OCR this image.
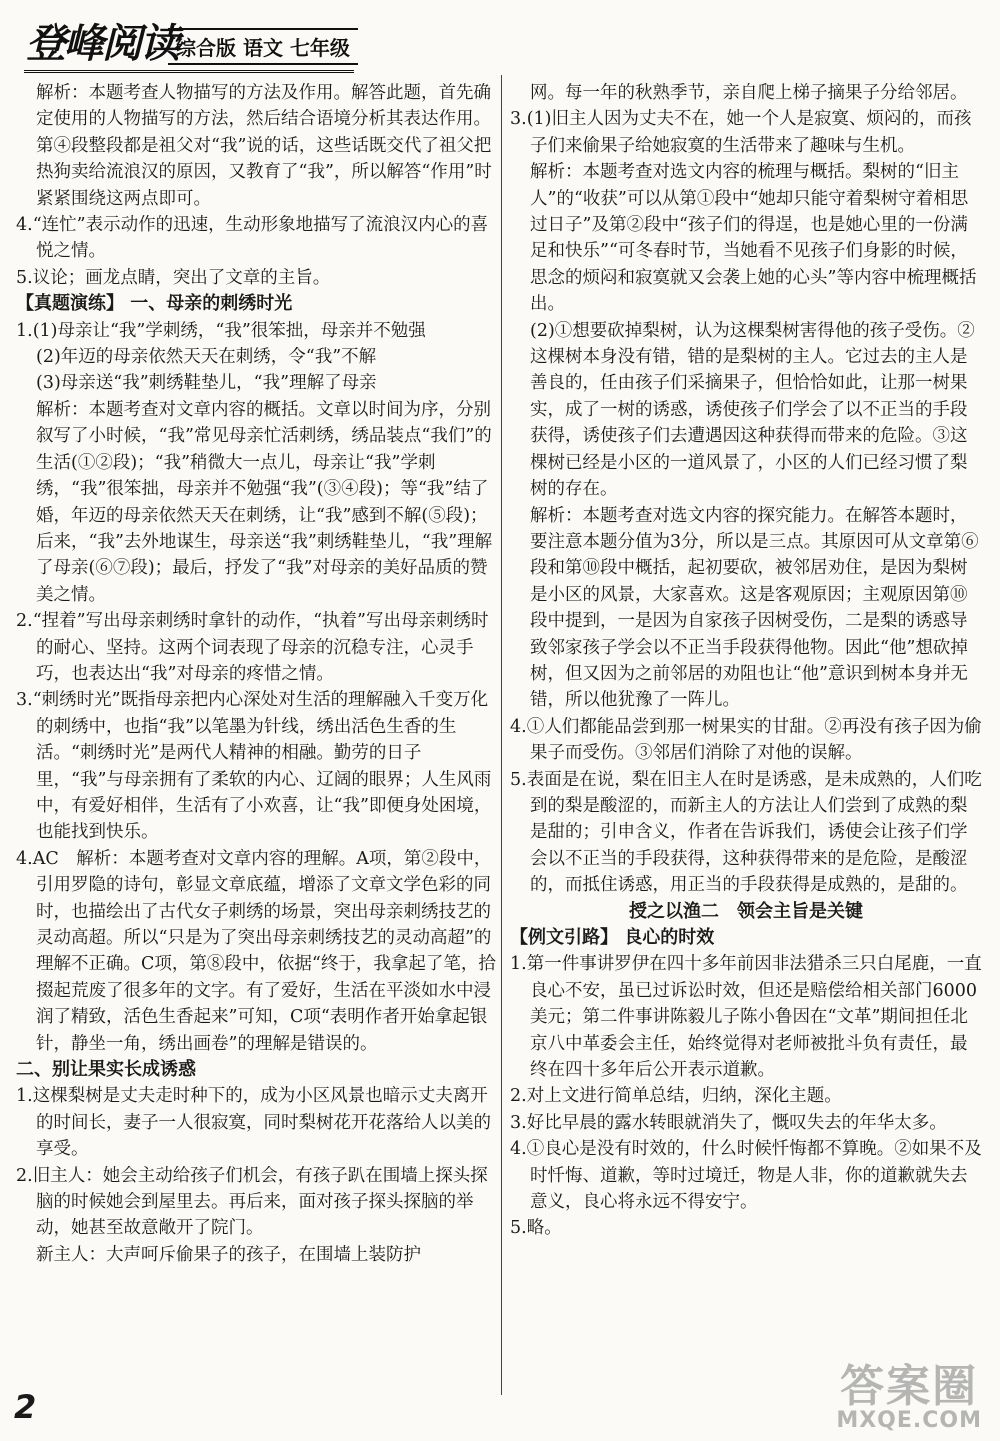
登峰阅读
综合版 语文 七年级
解析：本题考查人物描写的方法及作用。解答此题，首先确定使用的人物描写的方法，然后结合语境分析其表达作用。第④段整段都是祖父对“我”说的话，这些话既交代了祖父把热狗卖给流浪汉的原因，又教育了“我”，所以解答“作用”时紧紧围绕这两点即可。
4.“连忙”表示动作的迅速，生动形象地描写了流浪汉内心的喜悦之情。
5.议论；画龙点睛，突出了文章的主旨。
【真题演练】 一、母亲的刺绣时光
1.(1)母亲让“我”学刺绣，“我”很笨拙，母亲并不勉强
(2)年迈的母亲依然天天在刺绣，令“我”不解
(3)母亲送“我”刺绣鞋垫儿，“我”理解了母亲
解析：本题考查对文章内容的概括。文章以时间为序，分别叙写了小时候，“我”常见母亲忙活刺绣，绣品装点“我们”的生活(①②段)；“我”稍微大一点儿，母亲让“我”学刺绣，“我”很笨拙，母亲并不勉强“我”(③④段)；等“我”结了婚，年迈的母亲依然天天在刺绣，让“我”感到不解(⑤段)；后来，“我”去外地谋生，母亲送“我”刺绣鞋垫儿，“我”理解了母亲(⑥⑦段)；最后，抒发了“我”对母亲的美好品质的赞美之情。
2.“捏着”写出母亲刺绣时拿针的动作，“执着”写出母亲刺绣时的耐心、坚持。这两个词表现了母亲的沉稳专注，心灵手巧，也表达出“我”对母亲的疼惜之情。
3.“刺绣时光”既指母亲把内心深处对生活的理解融入千变万化的刺绣中，也指“我”以笔墨为针线，绣出活色生香的生活。“刺绣时光”是两代人精神的相融。勤劳的日子里，“我”与母亲拥有了柔软的内心、辽阔的眼界；人生风雨中，有爱好相伴，生活有了小欢喜，让“我”即便身处困境，也能找到快乐。
4.AC　解析：本题考查对文章内容的理解。A项，第②段中，引用罗隐的诗句，彰显文章底蕴，增添了文章文学色彩的同时，也描绘出了古代女子刺绣的场景，突出母亲刺绣技艺的灵动高超。所以“只是为了突出母亲刺绣技艺的灵动高超”的理解不正确。C项，第⑧段中，依据“终于，我拿起了笔，拾掇起荒废了很多年的文字。有了爱好，生活在平淡如水中浸润了精致，活色生香起来”可知，C项“表明作者开始拿起银针，静坐一角，绣出画卷”的理解是错误的。
二、别让果实长成诱惑
1.这棵梨树是丈夫走时种下的，成为小区风景也暗示丈夫离开的时间长，妻子一人很寂寞，同时梨树花开花落给人以美的享受。
2.旧主人：她会主动给孩子们机会，有孩子趴在围墙上探头探脑的时候她会到屋里去。再后来，面对孩子探头探脑的举动，她甚至故意敞开了院门。
新主人：大声呵斥偷果子的孩子，在围墙上装防护
网。每一年的秋熟季节，亲自爬上梯子摘果子分给邻居。
3.(1)旧主人因为丈夫不在，她一个人是寂寞、烦闷的，而孩子们来偷果子给她寂寞的生活带来了趣味与生机。
解析：本题考查对选文内容的梳理与概括。梨树的“旧主人”的“收获”可以从第①段中“她却只能守着梨树守着相思过日子”及第②段中“孩子们的得逞，也是她心里的一份满足和快乐”“可冬春时节，当她看不见孩子们身影的时候，思念的烦闷和寂寞就又会袭上她的心头”等内容中梳理概括出。
(2)①想要砍掉梨树，认为这棵梨树害得他的孩子受伤。②这棵树本身没有错，错的是梨树的主人。它过去的主人是善良的，任由孩子们采摘果子，但恰恰如此，让那一树果实，成了一树的诱惑，诱使孩子们学会了以不正当的手段获得，诱使孩子们去遭遇因这种获得而带来的危险。③这棵树已经是小区的一道风景了，小区的人们已经习惯了梨树的存在。
解析：本题考查对选文内容的探究能力。在解答本题时，要注意本题分值为3分，所以是三点。其原因可从文章第⑥段和第⑩段中概括，起初要砍，被邻居劝住，是因为梨树是小区的风景，大家喜欢。这是客观原因；主观原因第⑩段中提到，一是因为自家孩子因树受伤，二是梨的诱惑导致邻家孩子学会以不正当手段获得他物。因此“他”想砍掉树，但又因为之前邻居的劝阻也让“他”意识到树本身并无错，所以他犹豫了一阵儿。
4.①人们都能品尝到那一树果实的甘甜。②再没有孩子因为偷果子而受伤。③邻居们消除了对他的误解。
5.表面是在说，梨在旧主人在时是诱惑，是未成熟的，人们吃到的梨是酸涩的，而新主人的方法让人们尝到了成熟的梨是甜的；引申含义，作者在告诉我们，诱使会让孩子们学会以不正当的手段获得，这种获得带来的是危险，是酸涩的，而抵住诱惑，用正当的手段获得是成熟的，是甜的。
授之以渔二　领会主旨是关键
【例文引路】 良心的时效
1.第一件事讲罗伊在四十多年前因非法猎杀三只白尾鹿，一直良心不安，虽已过诉讼时效，但还是赔偿给相关部门6000美元；第二件事讲陈毅儿子陈小鲁因在“文革”期间担任北京八中革委会主任，始终觉得对老师被批斗负有责任，最终在四十多年后公开表示道歉。
2.对上文进行简单总结，归纳，深化主题。
3.好比早晨的露水转眼就消失了，慨叹失去的年华太多。
4.①良心是没有时效的，什么时候忏悔都不算晚。②如果不及时忏悔、道歉，等时过境迁，物是人非，你的道歉就失去意义，良心将永远不得安宁。
5.略。
2	答案圈
MXQE.COM
